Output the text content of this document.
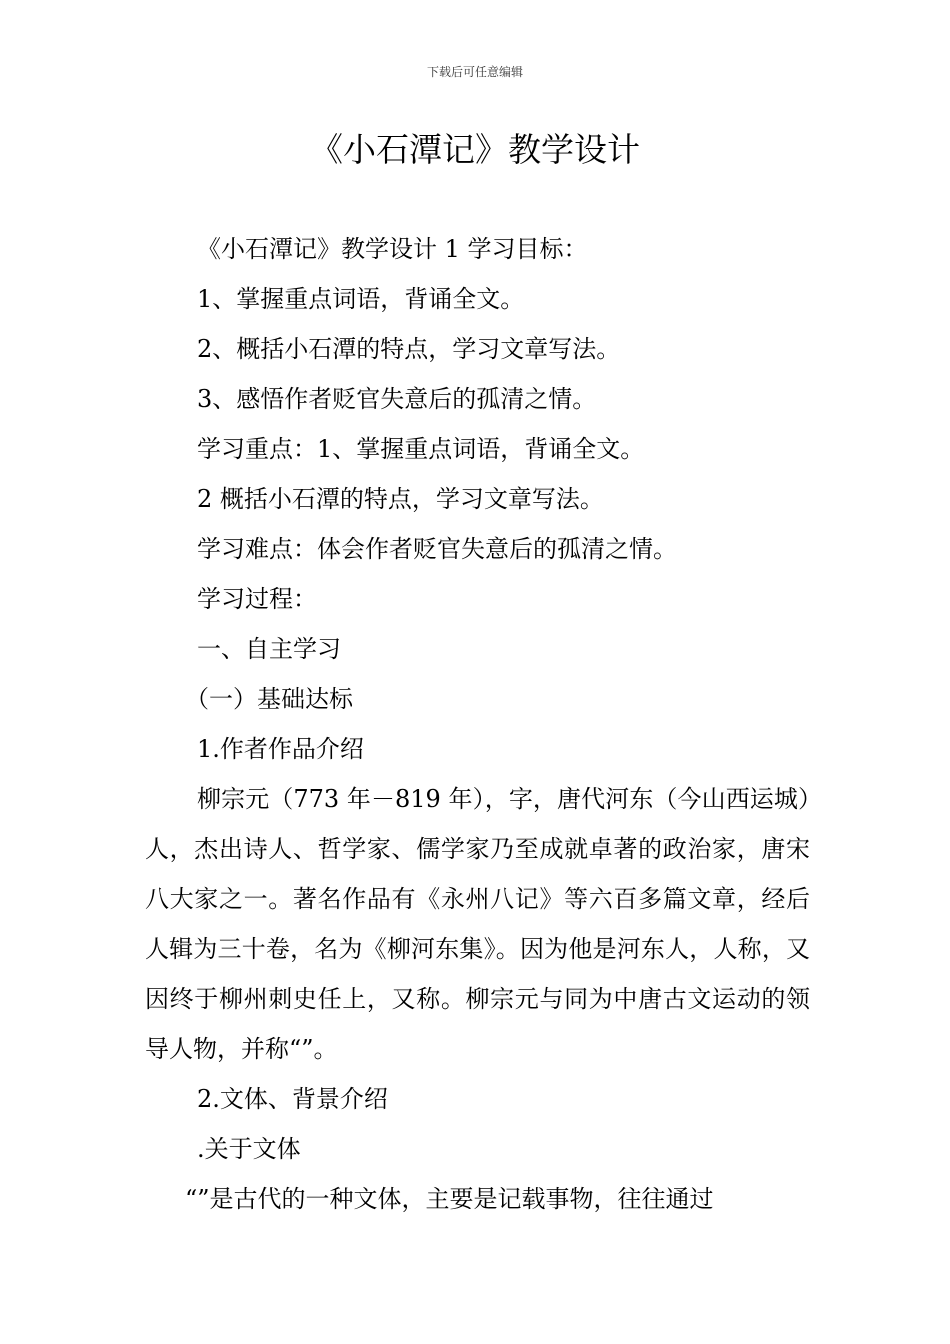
下载后可任意编辑
《小石潭记》教学设计

《小石潭记》教学设计 1 学习目标：

1、掌握重点词语，背诵全文。

2、概括小石潭的特点，学习文章写法。

3、感悟作者贬官失意后的孤清之情。

学习重点：1、掌握重点词语，背诵全文。

2 概括小石潭的特点，学习文章写法。

学习难点：体会作者贬官失意后的孤清之情。

学习过程：

一、自主学习

（一）基础达标

1.作者作品介绍

柳宗元（773 年－819 年），字，唐代河东（今山西运城）人，杰出诗人、哲学家、儒学家乃至成就卓著的政治家，唐宋八大家之一。著名作品有《永州八记》等六百多篇文章，经后人辑为三十卷，名为《柳河东集》。因为他是河东人，人称，又因终于柳州刺史任上，又称。柳宗元与同为中唐古文运动的领导人物，并称“”。

2.文体、背景介绍

.关于文体

“”是古代的一种文体，主要是记载事物，往往通过
